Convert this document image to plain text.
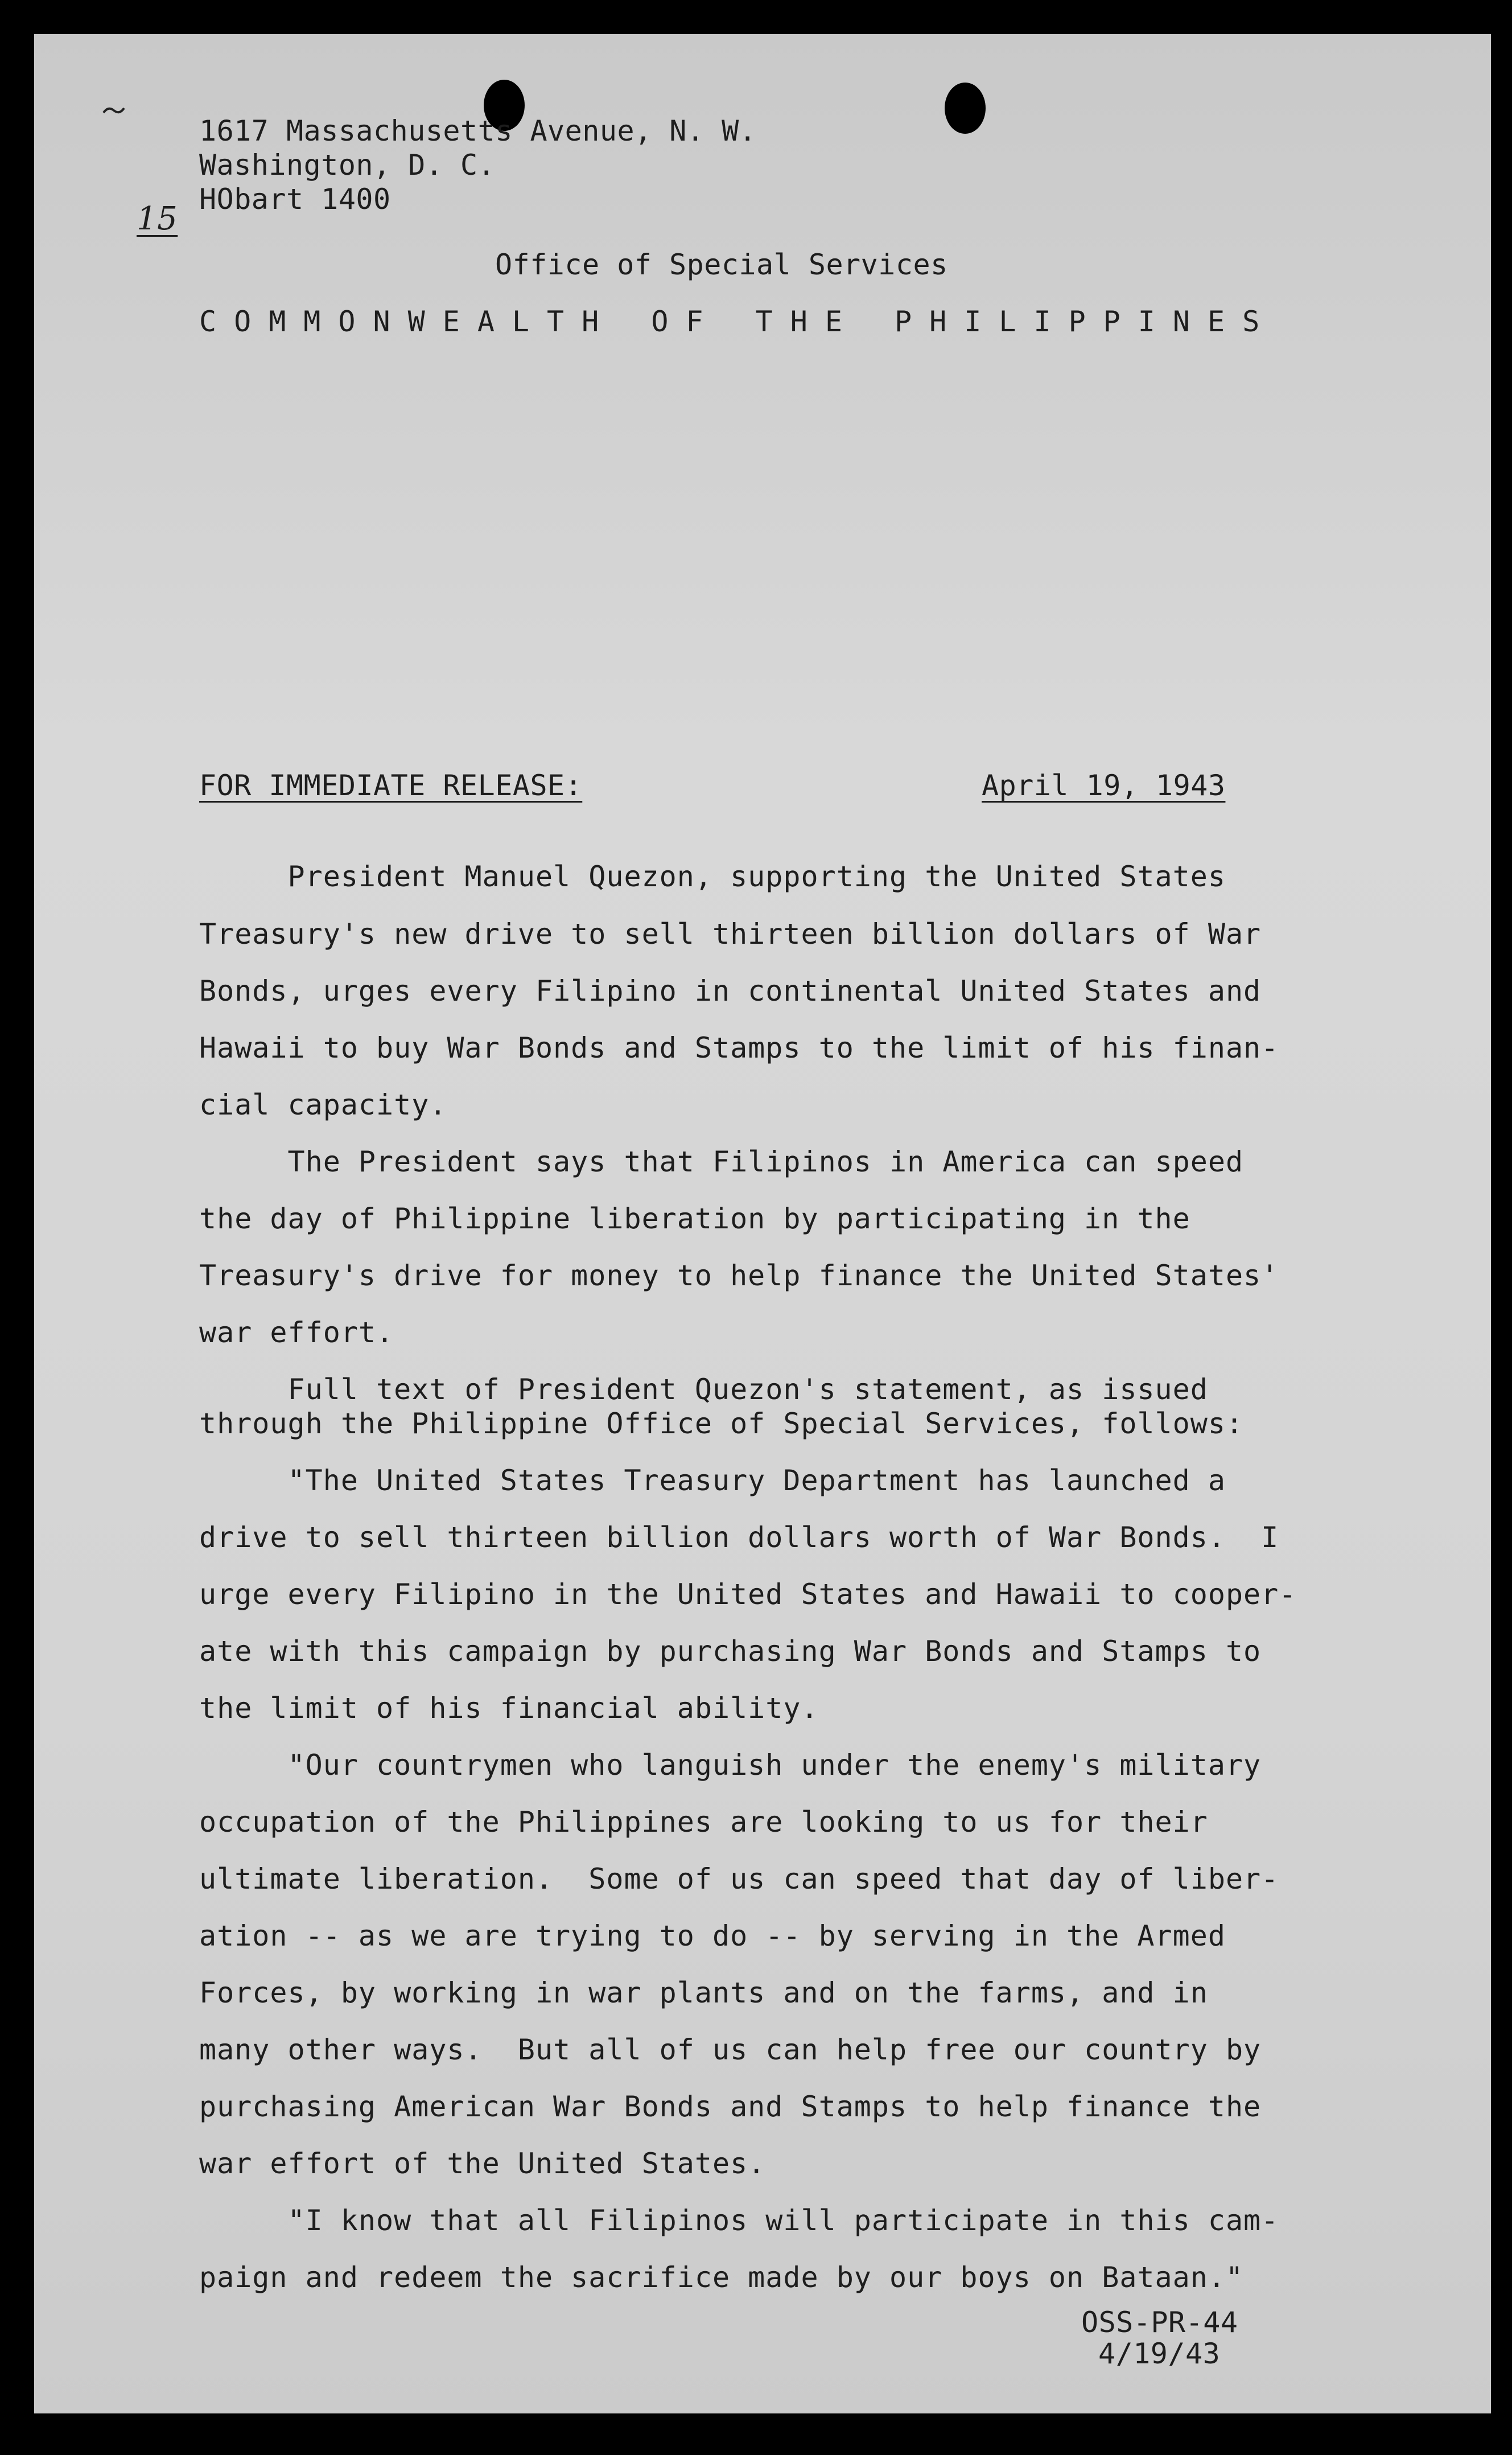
1617 Massachusetts Avenue, N. W.
Washington, D. C.
HObart 1400
15
Office of Special Services
COMMONWEALTH OF THE PHILIPPINES
FOR IMMEDIATE RELEASE:	April 19, 1943
President Manuel Quezon, supporting the United States
Treasury's new drive to sell thirteen billion dollars of War
Bonds, urges every Filipino in continental United States and
Hawaii to buy War Bonds and Stamps to the limit of his finan-
cial capacity.
The President says that Filipinos in America can speed
the day of Philippine liberation by participating in the
Treasury's drive for money to help finance the United States'
war effort.
Full text of President Quezon's statement, as issued
through the Philippine Office of Special Services, follows:
"The United States Treasury Department has launched a
drive to sell thirteen billion dollars worth of War Bonds.  I
urge every Filipino in the United States and Hawaii to cooper-
ate with this campaign by purchasing War Bonds and Stamps to
the limit of his financial ability.
"Our countrymen who languish under the enemy's military
occupation of the Philippines are looking to us for their
ultimate liberation.  Some of us can speed that day of liber-
ation -- as we are trying to do -- by serving in the Armed
Forces, by working in war plants and on the farms, and in
many other ways.  But all of us can help free our country by
purchasing American War Bonds and Stamps to help finance the
war effort of the United States.
"I know that all Filipinos will participate in this cam-
paign and redeem the sacrifice made by our boys on Bataan."
OSS-PR-44
4/19/43
